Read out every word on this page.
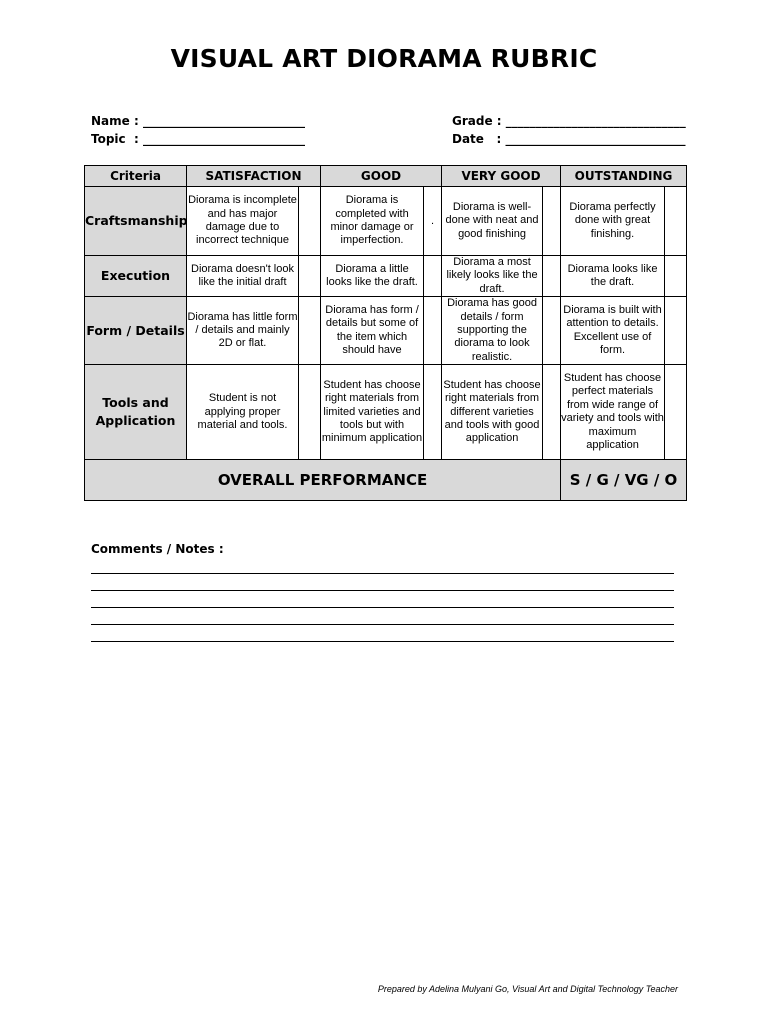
VISUAL ART DIORAMA RUBRIC
Name : ___________________________
Topic  : ___________________________
Grade : ______________________________
Date   : ______________________________
Criteria	SATISFACTION		GOOD		VERY GOOD		OUTSTANDING	
Craftsmanship	Diorama is incomplete and has major damage due to incorrect technique		Diorama is completed with minor damage or imperfection.	.	Diorama is well-done with neat and good finishing		Diorama perfectly done with great finishing.	
Execution	Diorama doesn't look like the initial draft		Diorama a little looks like the draft.		Diorama a most likely looks like the draft.		Diorama looks like the draft.	
Form / Details	Diorama has little form / details and mainly 2D or flat.		Diorama has form / details but some of the item which should have		Diorama has good details / form supporting the diorama to look realistic.		Diorama is built with attention to details. Excellent use of form.	
Tools and Application	Student is not applying proper material and tools.		Student has choose right materials from limited varieties and tools but with minimum application		Student has choose right materials from different varieties and tools with good application		Student has choose perfect materials from wide range of variety and tools with maximum application	
OVERALL PERFORMANCE							S / G / VG / O	
Comments / Notes :
Prepared by Adelina Mulyani Go, Visual Art and Digital Technology Teacher
